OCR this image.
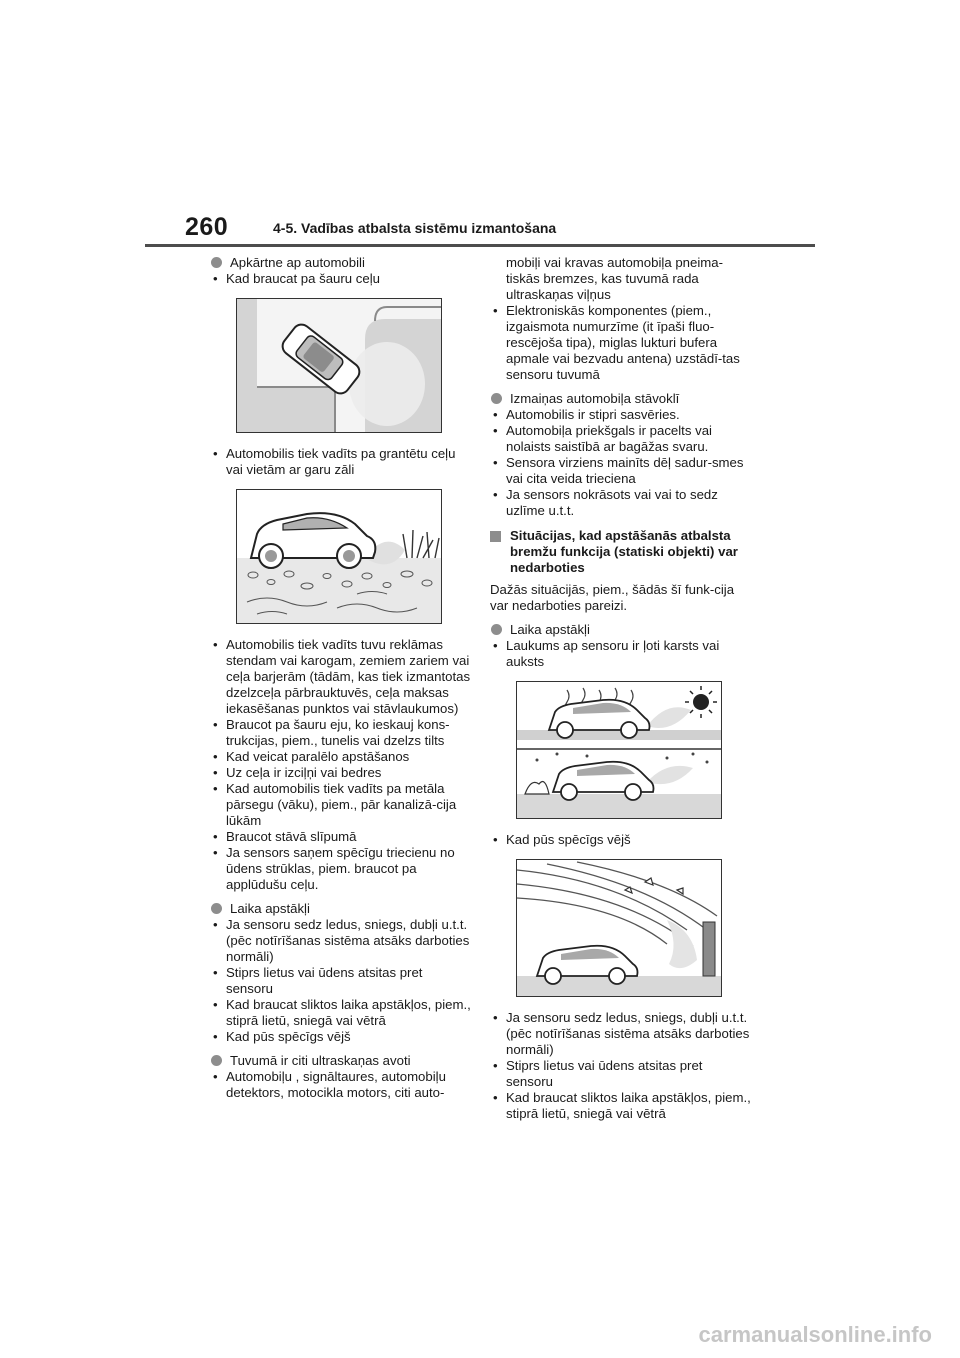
260	4-5. Vadības atbalsta sistēmu izmantošana
Apkārtne ap automobili
• Kad braucat pa šauru ceļu
• Automobilis tiek vadīts pa grantētu ceļu vai vietām ar garu zāli
• Automobilis tiek vadīts tuvu reklāmas stendam vai karogam, zemiem zariem vai ceļa barjerām (tādām, kas tiek izmantotas dzelzceļa pārbrauktuvēs, ceļa maksas iekasēšanas punktos vai stāvlaukumos)
• Braucot pa šauru eju, ko ieskauj kons-trukcijas, piem., tunelis vai dzelzs tilts
• Kad veicat paralēlo apstāšanos
• Uz ceļa ir izciļņi vai bedres
• Kad automobilis tiek vadīts pa metāla pārsegu (vāku), piem., pār kanalizā-cija lūkām
• Braucot stāvā slīpumā
• Ja sensors saņem spēcīgu triecienu no ūdens strūklas, piem. braucot pa applūdušu ceļu.
Laika apstākļi
• Ja sensoru sedz ledus, sniegs, dubļi u.t.t. (pēc notīrīšanas sistēma atsāks darboties normāli)
• Stiprs lietus vai ūdens atsitas pret sensoru
• Kad braucat sliktos laika apstākļos, piem., stiprā lietū, sniegā vai vētrā
• Kad pūs spēcīgs vējš
Tuvumā ir citi ultraskaņas avoti
• Automobiļu , signāltaures, automobiļu detektors, motocikla motors, citi auto-
mobiļi vai kravas automobiļa pneima-tiskās bremzes, kas tuvumā rada ultraskaņas viļņus
• Elektroniskās komponentes (piem., izgaismota numurzīme (it īpaši fluo-rescējoša tipa), miglas lukturi bufera apmale vai bezvadu antena) uzstādī-tas sensoru tuvumā
Izmaiņas automobiļa stāvoklī
• Automobilis ir stipri sasvēries.
• Automobiļa priekšgals ir pacelts vai nolaists saistībā ar bagāžas svaru.
• Sensora virziens mainīts dēļ sadur-smes vai cita veida trieciena
• Ja sensors nokrāsots vai vai to sedz uzlīme u.t.t.
Situācijas, kad apstāšanās atbalsta bremžu funkcija (statiski objekti) var nedarboties
Dažās situācijās, piem., šādās šī funk-cija var nedarboties pareizi.
Laika apstākļi
• Laukums ap sensoru ir ļoti karsts vai auksts
• Kad pūs spēcīgs vējš
• Ja sensoru sedz ledus, sniegs, dubļi u.t.t. (pēc notīrīšanas sistēma atsāks darboties normāli)
• Stiprs lietus vai ūdens atsitas pret sensoru
• Kad braucat sliktos laika apstākļos, piem., stiprā lietū, sniegā vai vētrā
carmanualsonline.info
